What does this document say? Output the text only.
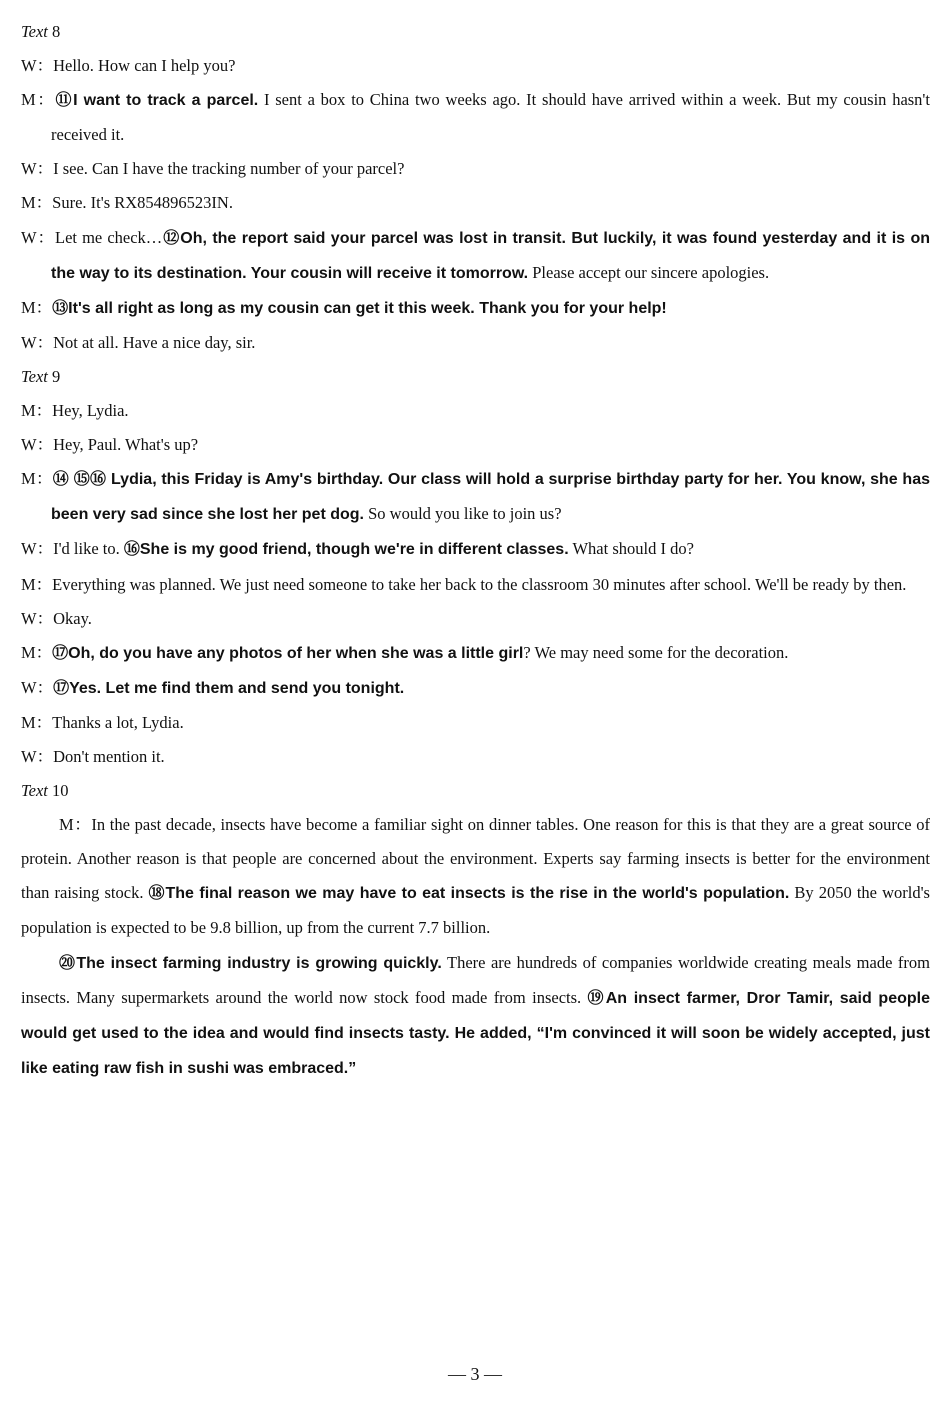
Text 8
W：Hello. How can I help you?
M：⑪I want to track a parcel. I sent a box to China two weeks ago. It should have arrived within a week. But my cousin hasn't received it.
W：I see. Can I have the tracking number of your parcel?
M：Sure. It's RX854896523IN.
W：Let me check…⑫Oh, the report said your parcel was lost in transit. But luckily, it was found yesterday and it is on the way to its destination. Your cousin will receive it tomorrow. Please accept our sincere apologies.
M：⑬It's all right as long as my cousin can get it this week. Thank you for your help!
W：Not at all. Have a nice day, sir.
Text 9
M：Hey, Lydia.
W：Hey, Paul. What's up?
M：⑭ ⑮⑯ Lydia, this Friday is Amy's birthday. Our class will hold a surprise birthday party for her. You know, she has been very sad since she lost her pet dog. So would you like to join us?
W：I'd like to. ⑯She is my good friend, though we're in different classes. What should I do?
M：Everything was planned. We just need someone to take her back to the classroom 30 minutes after school. We'll be ready by then.
W：Okay.
M：⑰Oh, do you have any photos of her when she was a little girl? We may need some for the decoration.
W：⑰Yes. Let me find them and send you tonight.
M：Thanks a lot, Lydia.
W：Don't mention it.
Text 10
M：In the past decade, insects have become a familiar sight on dinner tables. One reason for this is that they are a great source of protein. Another reason is that people are concerned about the environment. Experts say farming insects is better for the environment than raising stock. ⑱The final reason we may have to eat insects is the rise in the world's population. By 2050 the world's population is expected to be 9.8 billion, up from the current 7.7 billion.
⑳The insect farming industry is growing quickly. There are hundreds of companies worldwide creating meals made from insects. Many supermarkets around the world now stock food made from insects. ⑲An insect farmer, Dror Tamir, said people would get used to the idea and would find insects tasty. He added, “I'm convinced it will soon be widely accepted, just like eating raw fish in sushi was embraced.”
— 3 —
